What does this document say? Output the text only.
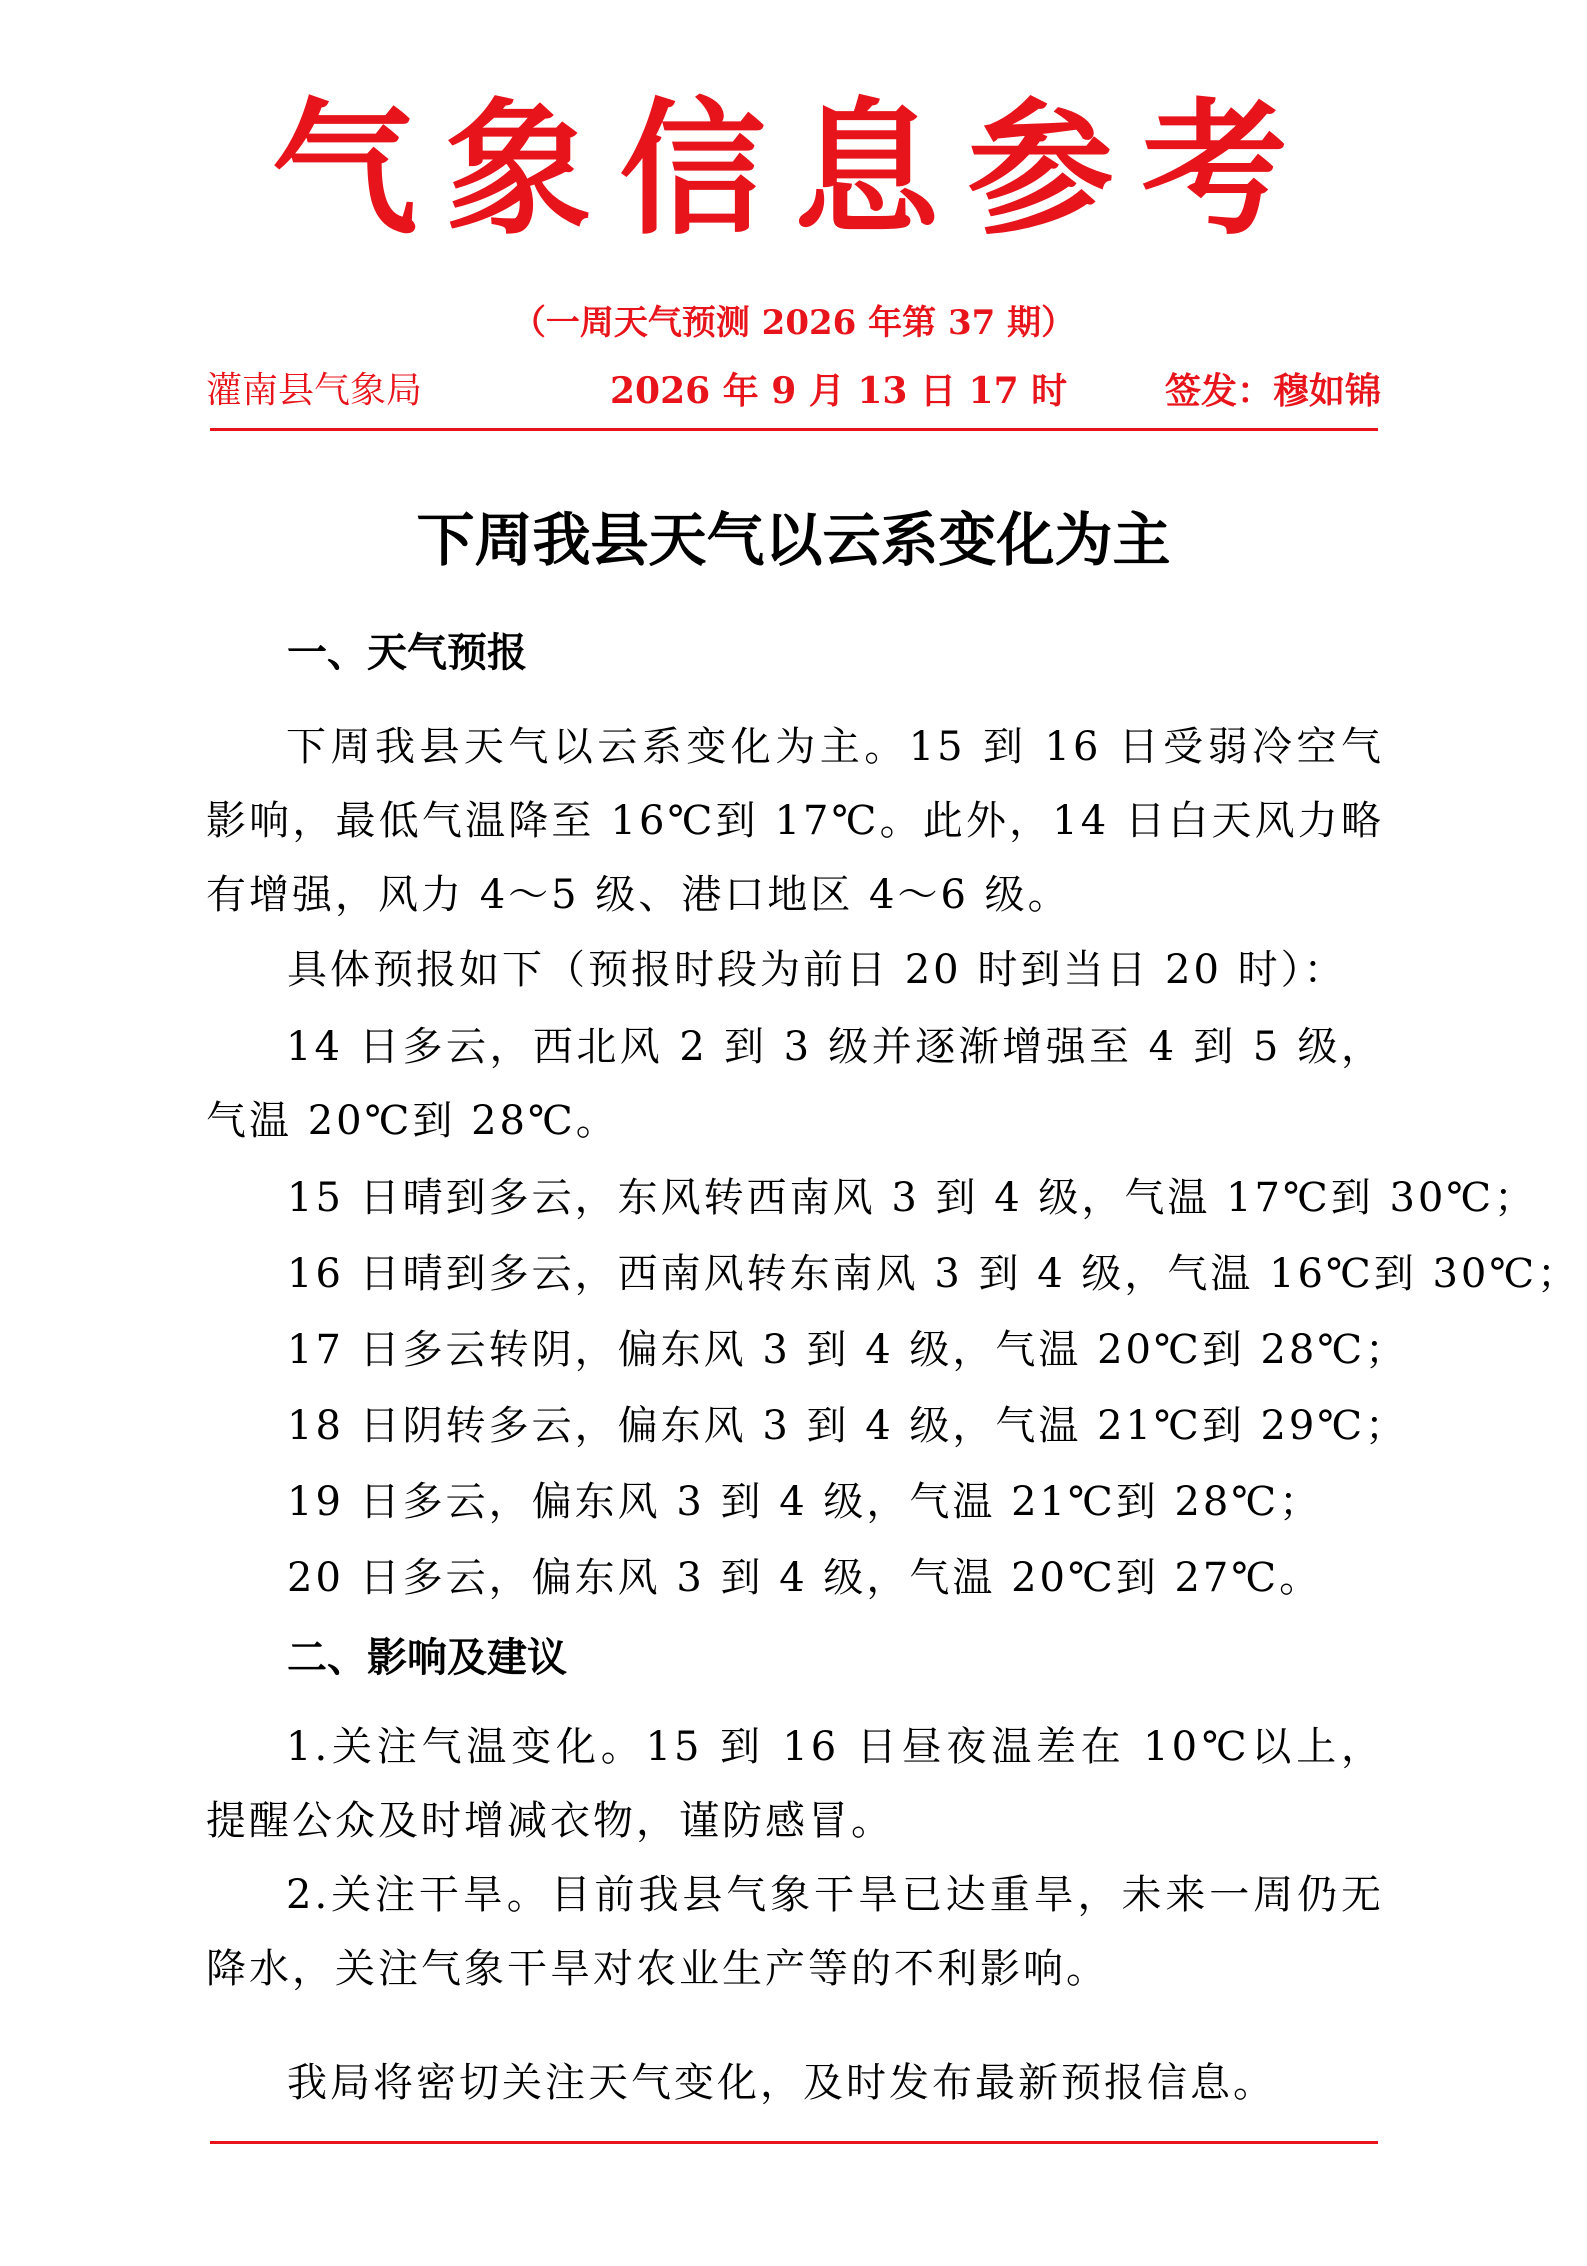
气象信息参考
（一周天气预测 2026 年第 37 期）
灌南县气象局	2026 年 9 月 13 日 17 时	签发：穆如锦
下周我县天气以云系变化为主
一、天气预报
下周我县天气以云系变化为主。15 到 16 日受弱冷空气影响，最低气温降至 16℃到 17℃。此外，14 日白天风力略有增强，风力 4～5 级、港口地区 4～6 级。
具体预报如下（预报时段为前日 20 时到当日 20 时）：
14 日多云，西北风 2 到 3 级并逐渐增强至 4 到 5 级，气温 20℃到 28℃。
15 日晴到多云，东风转西南风 3 到 4 级，气温 17℃到 30℃；
16 日晴到多云，西南风转东南风 3 到 4 级，气温 16℃到 30℃；
17 日多云转阴，偏东风 3 到 4 级，气温 20℃到 28℃；
18 日阴转多云，偏东风 3 到 4 级，气温 21℃到 29℃；
19 日多云，偏东风 3 到 4 级，气温 21℃到 28℃；
20 日多云，偏东风 3 到 4 级，气温 20℃到 27℃。
二、影响及建议
1.关注气温变化。15 到 16 日昼夜温差在 10℃以上，提醒公众及时增减衣物，谨防感冒。
2.关注干旱。目前我县气象干旱已达重旱，未来一周仍无降水，关注气象干旱对农业生产等的不利影响。
我局将密切关注天气变化，及时发布最新预报信息。
